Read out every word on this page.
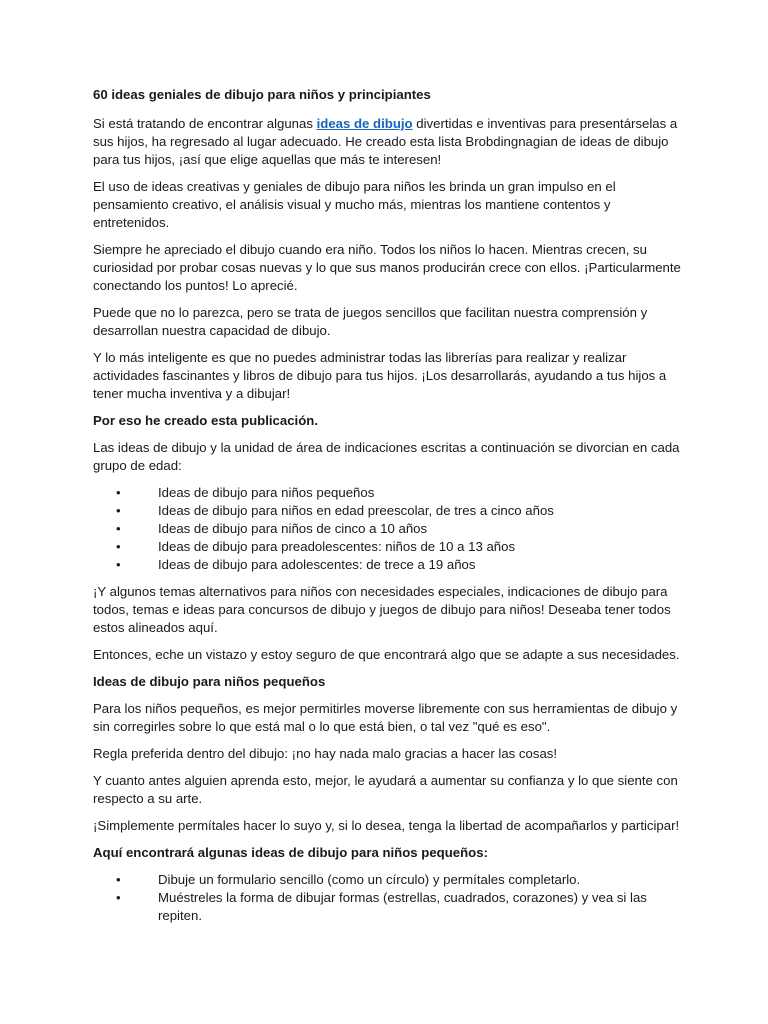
60 ideas geniales de dibujo para niños y principiantes

Si está tratando de encontrar algunas ideas de dibujo divertidas e inventivas para presentárselas a sus hijos, ha regresado al lugar adecuado. He creado esta lista Brobdingnagian de ideas de dibujo para tus hijos, ¡así que elige aquellas que más te interesen!

El uso de ideas creativas y geniales de dibujo para niños les brinda un gran impulso en el pensamiento creativo, el análisis visual y mucho más, mientras los mantiene contentos y entretenidos.

Siempre he apreciado el dibujo cuando era niño. Todos los niños lo hacen. Mientras crecen, su curiosidad por probar cosas nuevas y lo que sus manos producirán crece con ellos. ¡Particularmente conectando los puntos! Lo aprecié.

Puede que no lo parezca, pero se trata de juegos sencillos que facilitan nuestra comprensión y desarrollan nuestra capacidad de dibujo.

Y lo más inteligente es que no puedes administrar todas las librerías para realizar y realizar actividades fascinantes y libros de dibujo para tus hijos. ¡Los desarrollarás, ayudando a tus hijos a tener mucha inventiva y a dibujar!

Por eso he creado esta publicación.

Las ideas de dibujo y la unidad de área de indicaciones escritas a continuación se divorcian en cada grupo de edad:

•	Ideas de dibujo para niños pequeños
•	Ideas de dibujo para niños en edad preescolar, de tres a cinco años
•	Ideas de dibujo para niños de cinco a 10 años
•	Ideas de dibujo para preadolescentes: niños de 10 a 13 años
•	Ideas de dibujo para adolescentes: de trece a 19 años

¡Y algunos temas alternativos para niños con necesidades especiales, indicaciones de dibujo para todos, temas e ideas para concursos de dibujo y juegos de dibujo para niños! Deseaba tener todos estos alineados aquí.

Entonces, eche un vistazo y estoy seguro de que encontrará algo que se adapte a sus necesidades.

Ideas de dibujo para niños pequeños

Para los niños pequeños, es mejor permitirles moverse libremente con sus herramientas de dibujo y sin corregirles sobre lo que está mal o lo que está bien, o tal vez "qué es eso".

Regla preferida dentro del dibujo: ¡no hay nada malo gracias a hacer las cosas!

Y cuanto antes alguien aprenda esto, mejor, le ayudará a aumentar su confianza y lo que siente con respecto a su arte.

¡Simplemente permítales hacer lo suyo y, si lo desea, tenga la libertad de acompañarlos y participar!

Aquí encontrará algunas ideas de dibujo para niños pequeños:

•	Dibuje un formulario sencillo (como un círculo) y permítales completarlo.
•	Muéstreles la forma de dibujar formas (estrellas, cuadrados, corazones) y vea si las repiten.
